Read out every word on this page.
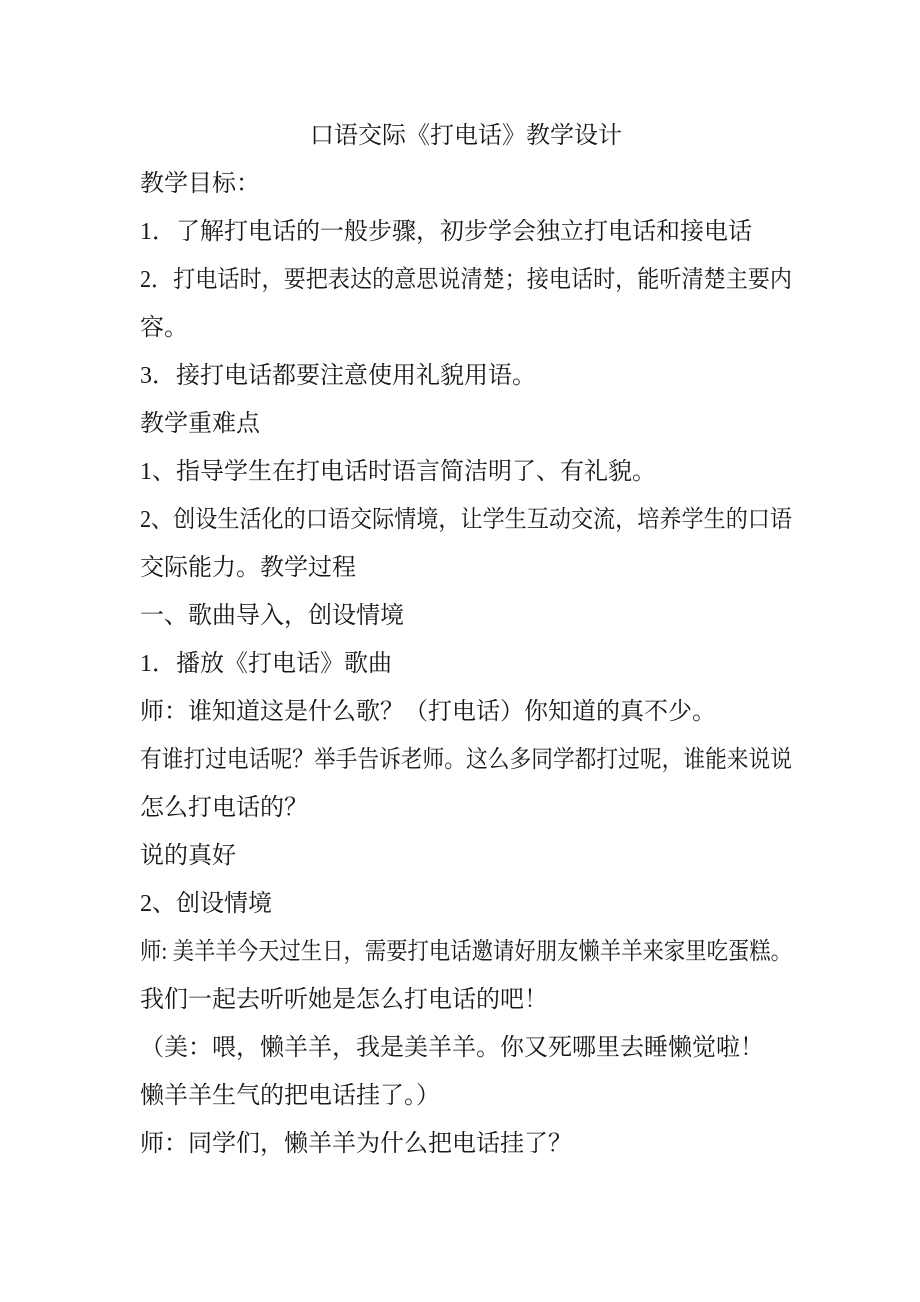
口语交际《打电话》教学设计
教学目标：
1．了解打电话的一般步骤，初步学会独立打电话和接电话
2．打电话时，要把表达的意思说清楚；接电话时，能听清楚主要内
容。
3．接打电话都要注意使用礼貌用语。
教学重难点
1、指导学生在打电话时语言简洁明了、有礼貌。
2、创设生活化的口语交际情境，让学生互动交流，培养学生的口语
交际能力。教学过程
一、歌曲导入，创设情境
1．播放《打电话》歌曲
师：谁知道这是什么歌？（打电话）你知道的真不少。
有谁打过电话呢？举手告诉老师。这么多同学都打过呢，谁能来说说
怎么打电话的？
说的真好
2、创设情境
师: 美羊羊今天过生日，需要打电话邀请好朋友懒羊羊来家里吃蛋糕。
我们一起去听听她是怎么打电话的吧！
（美：喂，懒羊羊，我是美羊羊。你又死哪里去睡懒觉啦！
懒羊羊生气的把电话挂了。）
师：同学们，懒羊羊为什么把电话挂了？
